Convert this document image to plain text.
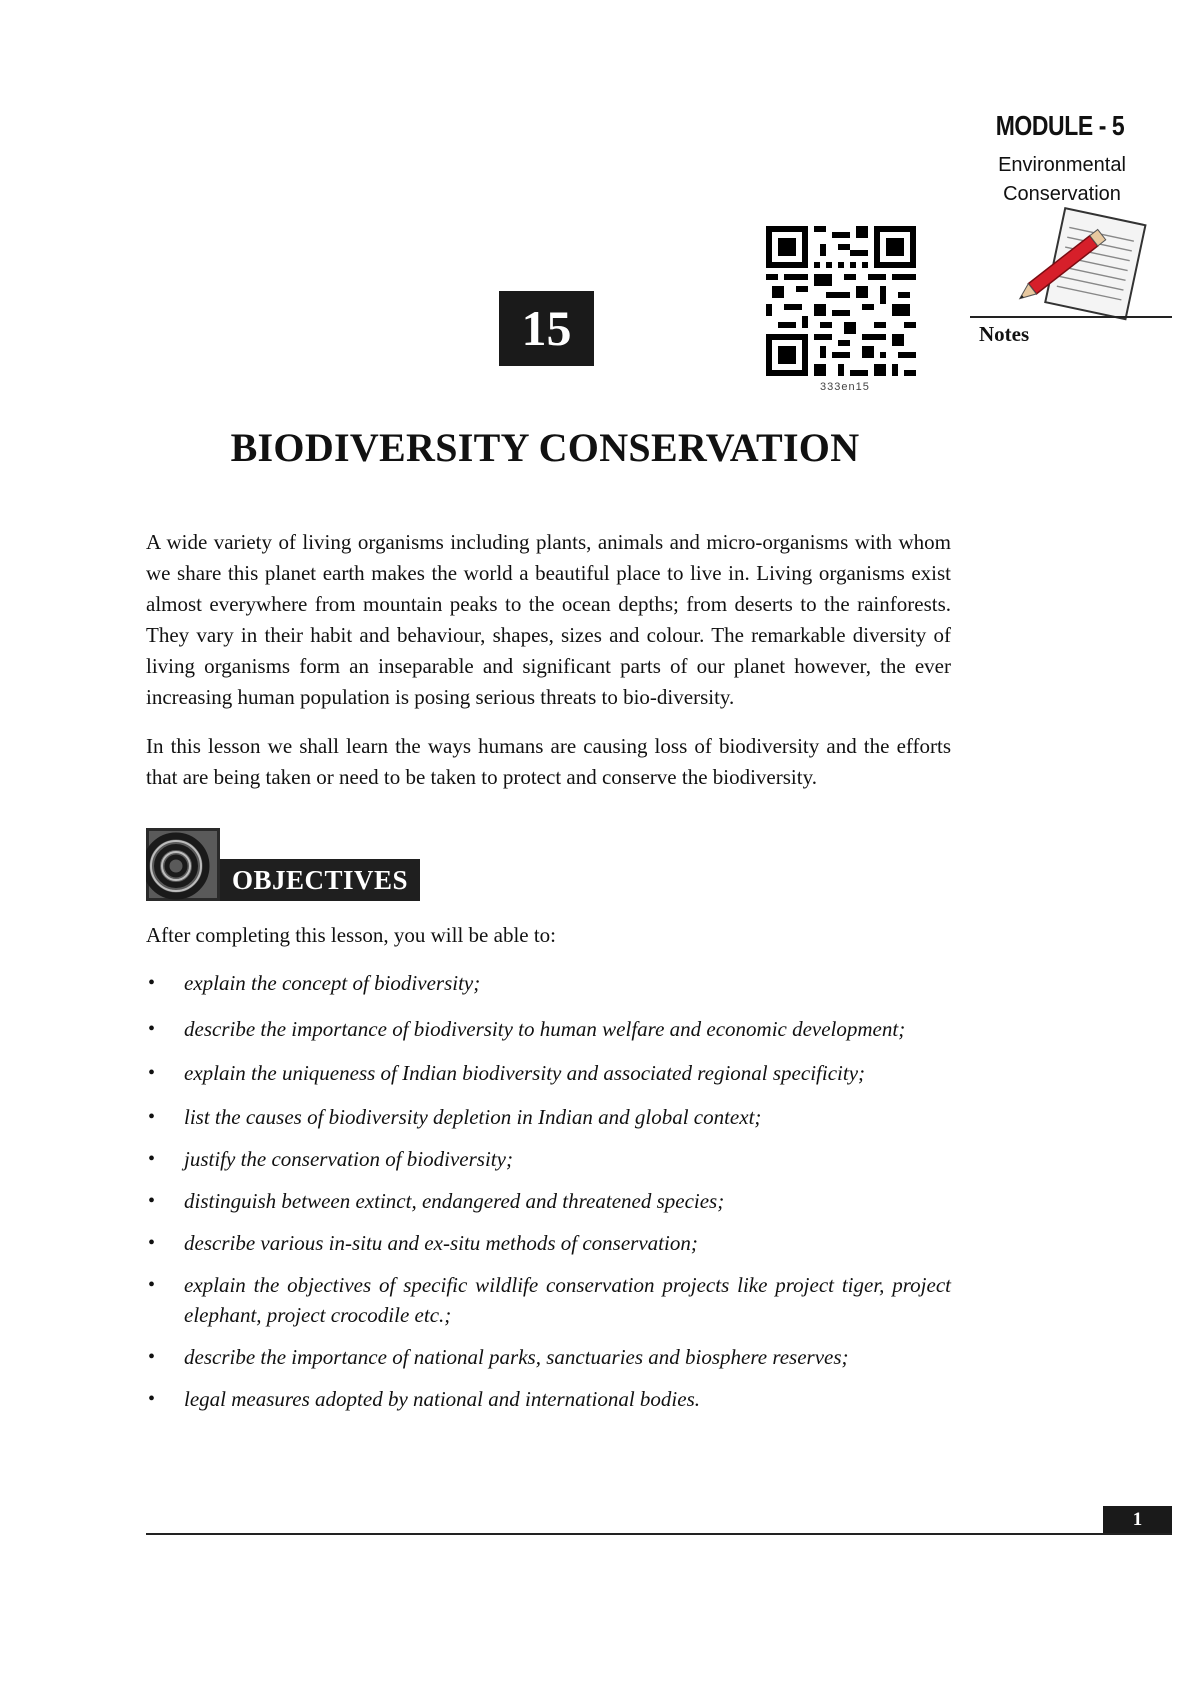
MODULE - 5
Environmental
Conservation
Notes
15
333en15
BIODIVERSITY CONSERVATION

A wide variety of living organisms including plants, animals and micro-organisms with whom we share this planet earth makes the world a beautiful place to live in. Living organisms exist almost everywhere from mountain peaks to the ocean depths; from deserts to the rainforests. They vary in their habit and behaviour, shapes, sizes and colour. The remarkable diversity of living organisms form an inseparable and significant parts of our planet however, the ever increasing human population is posing serious threats to bio-diversity.

In this lesson we shall learn the ways humans are causing loss of biodiversity and the efforts that are being taken or need to be taken to protect and conserve the biodiversity.

OBJECTIVES
After completing this lesson, you will be able to:
• explain the concept of biodiversity;
• describe the importance of biodiversity to human welfare and economic development;
• explain the uniqueness of Indian biodiversity and associated regional specificity;
• list the causes of biodiversity depletion in Indian and global context;
• justify the conservation of biodiversity;
• distinguish between extinct, endangered and threatened species;
• describe various in-situ and ex-situ methods of conservation;
• explain the objectives of specific wildlife conservation projects like project tiger, project elephant, project crocodile etc.;
• describe the importance of national parks, sanctuaries and biosphere reserves;
• legal measures adopted by national and international bodies.
1
